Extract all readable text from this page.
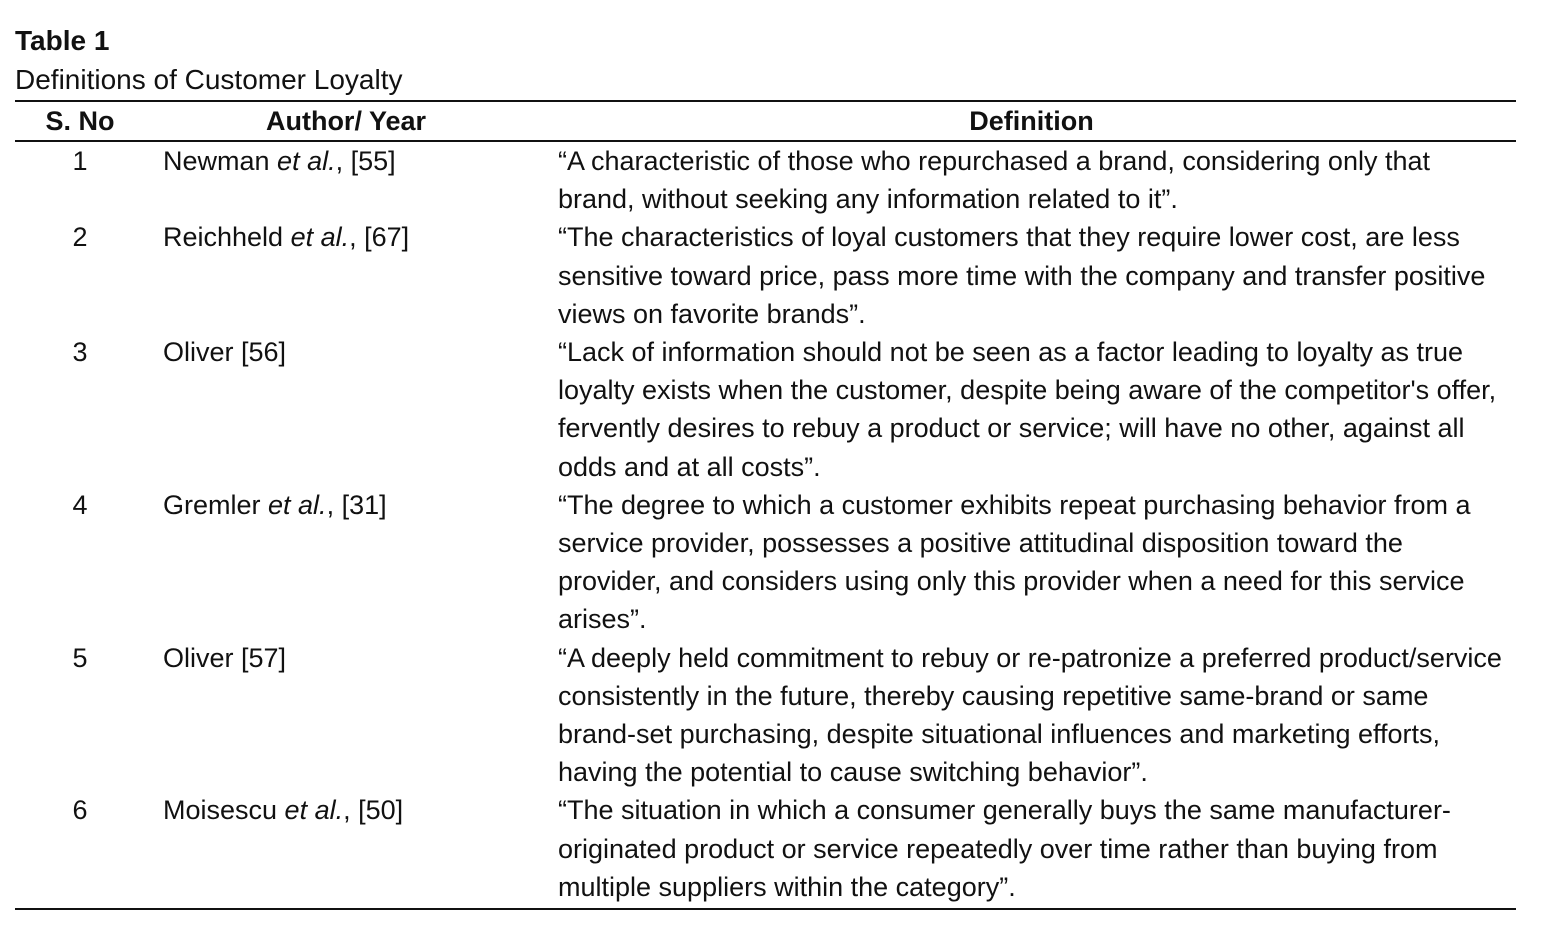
Table 1
Definitions of Customer Loyalty
S. No	Author/ Year	Definition
1	Newman et al., [55]	“A characteristic of those who repurchased a brand, considering only that brand, without seeking any information related to it”.
2	Reichheld et al., [67]	“The characteristics of loyal customers that they require lower cost, are less sensitive toward price, pass more time with the company and transfer positive views on favorite brands”.
3	Oliver [56]	“Lack of information should not be seen as a factor leading to loyalty as true loyalty exists when the customer, despite being aware of the competitor's offer, fervently desires to rebuy a product or service; will have no other, against all odds and at all costs”.
4	Gremler et al., [31]	“The degree to which a customer exhibits repeat purchasing behavior from a service provider, possesses a positive attitudinal disposition toward the provider, and considers using only this provider when a need for this service arises”.
5	Oliver [57]	“A deeply held commitment to rebuy or re-patronize a preferred product/service consistently in the future, thereby causing repetitive same-brand or same brand-set purchasing, despite situational influences and marketing efforts, having the potential to cause switching behavior”.
6	Moisescu et al., [50]	“The situation in which a consumer generally buys the same manufacturer-originated product or service repeatedly over time rather than buying from multiple suppliers within the category”.
